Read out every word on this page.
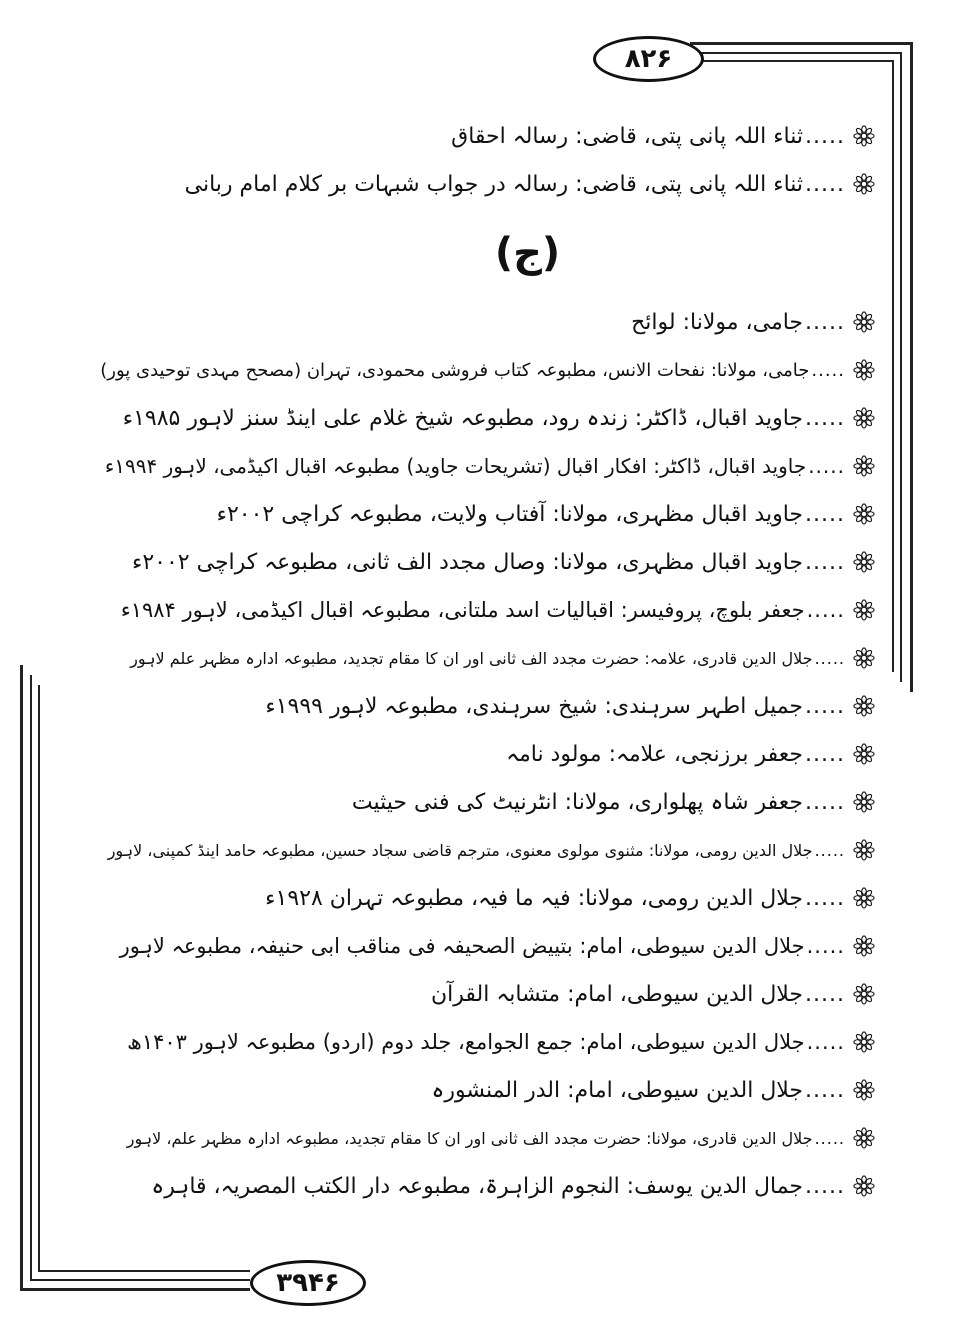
۸۲۶
۳۹۴۶
.....
ثناء اللہ پانی پتی، قاضی: رسالہ احقاق
.....
ثناء اللہ پانی پتی، قاضی: رسالہ در جواب شبہات بر کلام امام ربانی
(ج)
.....
جامی، مولانا: لوائح
.....
جامی، مولانا: نفحات الانس، مطبوعہ کتاب فروشی محمودی، تہران (مصحح مہدی توحیدی پور)
.....
جاوید اقبال، ڈاکٹر: زندہ رود، مطبوعہ شیخ غلام علی اینڈ سنز لاہور ۱۹۸۵ء
.....
جاوید اقبال، ڈاکٹر: افکار اقبال (تشریحات جاوید) مطبوعہ اقبال اکیڈمی، لاہور ۱۹۹۴ء
.....
جاوید اقبال مظہری، مولانا: آفتاب ولایت، مطبوعہ کراچی ۲۰۰۲ء
.....
جاوید اقبال مظہری، مولانا: وصال مجدد الف ثانی، مطبوعہ کراچی ۲۰۰۲ء
.....
جعفر بلوچ، پروفیسر: اقبالیات اسد ملتانی، مطبوعہ اقبال اکیڈمی، لاہور ۱۹۸۴ء
.....
جلال الدین قادری، علامہ: حضرت مجدد الف ثانی اور ان کا مقام تجدید، مطبوعہ ادارہ مظہر علم لاہور
.....
جمیل اطہر سرہندی: شیخ سرہندی، مطبوعہ لاہور ۱۹۹۹ء
.....
جعفر برزنجی، علامہ: مولود نامہ
.....
جعفر شاہ پھلواری، مولانا: انٹرنیٹ کی فنی حیثیت
.....
جلال الدین رومی، مولانا: مثنوی مولوی معنوی، مترجم قاضی سجاد حسین، مطبوعہ حامد اینڈ کمپنی، لاہور
.....
جلال الدین رومی، مولانا: فیہ ما فیہ، مطبوعہ تہران ۱۹۲۸ء
.....
جلال الدین سیوطی، امام: بتییض الصحیفہ فی مناقب ابی حنیفہ، مطبوعہ لاہور
.....
جلال الدین سیوطی، امام: متشابہ القرآن
.....
جلال الدین سیوطی، امام: جمع الجوامع، جلد دوم (اردو) مطبوعہ لاہور ۱۴۰۳ھ
.....
جلال الدین سیوطی، امام: الدر المنشورہ
.....
جلال الدین قادری، مولانا: حضرت مجدد الف ثانی اور ان کا مقام تجدید، مطبوعہ ادارہ مظہر علم، لاہور
.....
جمال الدین یوسف: النجوم الزاہرۃ، مطبوعہ دار الکتب المصریہ، قاہرہ
